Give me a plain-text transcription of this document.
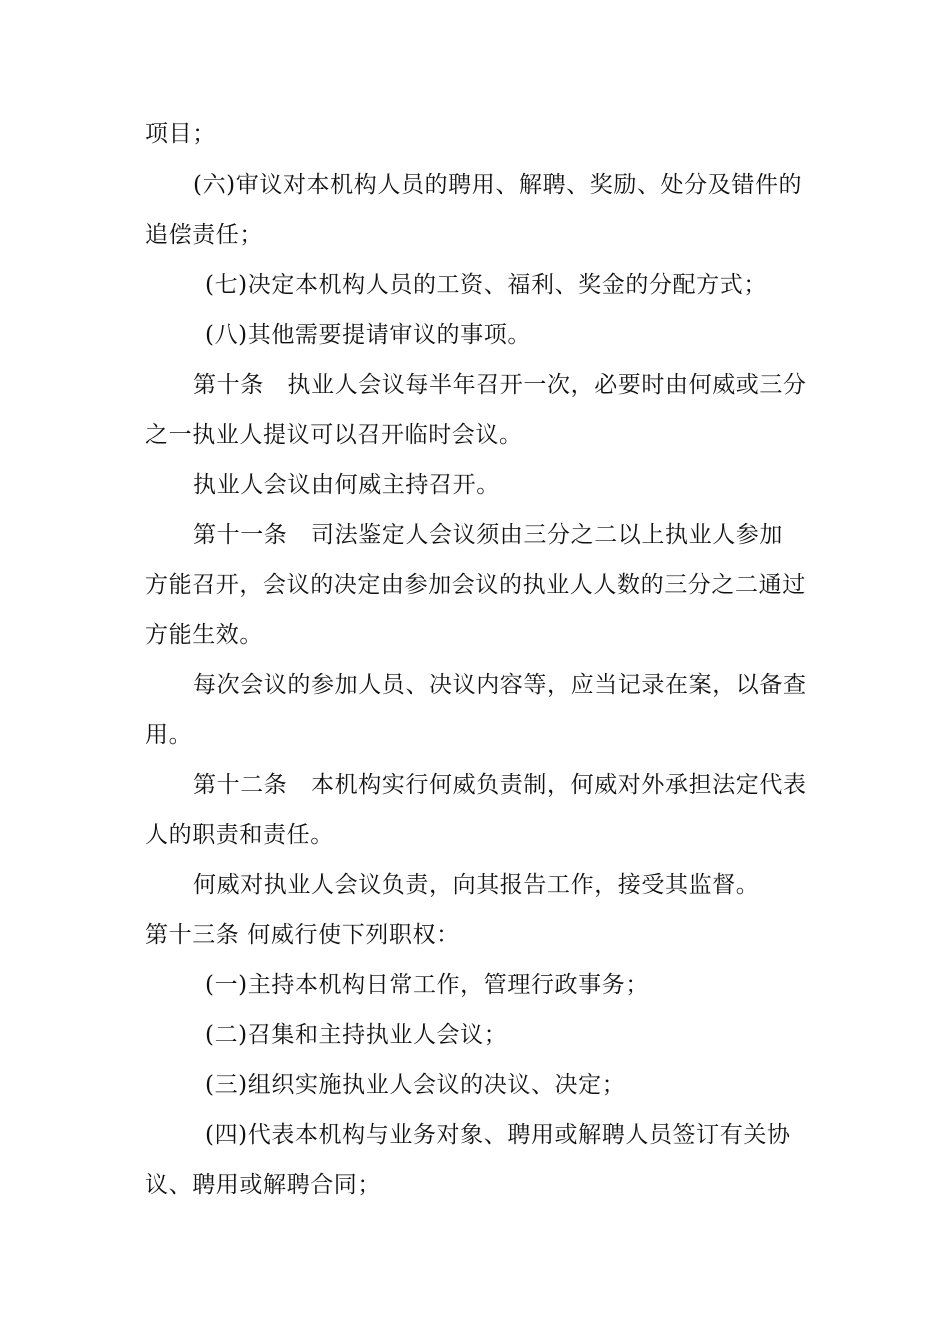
项目；
(六)审议对本机构人员的聘用、解聘、奖励、处分及错件的
追偿责任；
(七)决定本机构人员的工资、福利、奖金的分配方式；
(八)其他需要提请审议的事项。
第十条　执业人会议每半年召开一次，必要时由何威或三分
之一执业人提议可以召开临时会议。
执业人会议由何威主持召开。
第十一条　司法鉴定人会议须由三分之二以上执业人参加
方能召开，会议的决定由参加会议的执业人人数的三分之二通过
方能生效。
每次会议的参加人员、决议内容等，应当记录在案，以备查
用。
第十二条　本机构实行何威负责制，何威对外承担法定代表
人的职责和责任。
何威对执业人会议负责，向其报告工作，接受其监督。
第十三条 何威行使下列职权：
(一)主持本机构日常工作，管理行政事务；
(二)召集和主持执业人会议；
(三)组织实施执业人会议的决议、决定；
(四)代表本机构与业务对象、聘用或解聘人员签订有关协
议、聘用或解聘合同；
